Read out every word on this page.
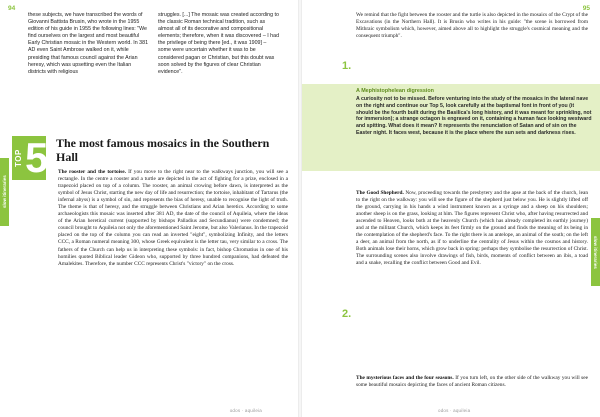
94
these subjects, we have transcribed the words of Giovanni Battista Brusin, who wrote in the 1955 edition of his guide in 1955 the following lines: "We find ourselves on the largest and most beautiful Early Christian mosaic in the Western world. In 381 AD even Saint Ambrose walked on it, while presiding that famous council against the Arian heresy, which was upsetting even the Italian districts with religious
struggles. [...] The mosaic was created according to the classic Roman technical tradition, such as almost all of its decorative and compositional elements; therefore, when it was discovered – I had the privilege of being there [ed., it was 1909] – some were uncertain whether it was to be considered pagan or Christian, but this doubt was soon solved by the figures of clear Christian evidence".
slow itineraries
TOP 5 The most famous mosaics in the Southern Hall
The rooster and the tortoise. If you move to the right near to the walkways junction, you will see a rectangle. In the centre a rooster and a turtle are depicted in the act of fighting for a prize, enclosed in a trapezoid placed on top of a column. The rooster, an animal crowing before dawn, is interpreted as the symbol of Jesus Christ, starting the new day of life and resurrection; the tortoise, inhabitant of Tartarus (the infernal abyss) is a symbol of sin, and represents the bias of heresy, unable to recognise the light of truth. The theme is that of heresy, and the struggle between Christians and Arian heretics. According to some archaeologists this mosaic was inserted after 381 AD, the date of the council of Aquileia, where the ideas of the Arian heretical current (supported by bishops Palladius and Secundianus) were condemned; the council brought to Aquileia not only the aforementioned Saint Jerome, but also Valerianus. In the trapezoid placed on the top of the column you can read an inverted "eight", symbolizing Infinity, and the letters CCC, a Roman numeral meaning 300, whose Greek equivalent is the letter tau, very similar to a cross. The fathers of the Church can help us in interpreting these symbols: in fact, bishop Chromatius in one of his homilies quoted Biblical leader Gideon who, supported by three hundred companions, had defeated the Amalekites. Therefore, the number CCC represents Christ's "victory" on the cross.
odos · aquileia
95
We remind that the fight between the rooster and the turtle is also depicted in the mosaics of the Crypt of the Excavations (in the Northern Hall). It is Brusin who writes in his guide: "the scene is borrowed from Mithraic symbolism which, however, aimed above all to highlight the struggle's cosmical meaning and the consequent triumph".
1.
A Mephistophelean digression
A curiosity not to be missed. Before venturing into the study of the mosaics in the lateral nave on the right and continue our Top 5, look carefully at the baptismal font in front of you (it should be the fourth built during the Basilica's long history, and it was meant for sprinkling, not for immersion); a strange octagon is engraved on it, containing a human face looking westward and spitting. What does it mean? It represents the renunciation of Satan and of sin on the Easter night. It faces west, because it is the place where the sun sets and darkness rises.
slow itineraries
The Good Shepherd. Now, proceeding towards the presbytery and the apse at the back of the church, lean to the right on the walkway: you will see the figure of the shepherd just below you. He is slightly lifted off the ground, carrying in his hands a wind instrument known as a syringe and a sheep on his shoulders; another sheep is on the grass, looking at him. The figures represent Christ who, after having resurrected and ascended to Heaven, looks both at the heavenly Church (which has already completed its earthly journey) and at the militant Church, which keeps its feet firmly on the ground and finds the meaning of its being in the contemplation of the shepherd's face. To the right there is an antelope, an animal of the south; on the left a deer, an animal from the north, as if to underline the centrality of Jesus within the cosmos and history. Both animals lose their horns, which grow back in spring: perhaps they symbolise the resurrection of Christ. The surrounding scenes also involve drawings of fish, birds, moments of conflict between an ibis, a toad and a snake, recalling the conflict between Good and Evil.
2.
The mysterious faces and the four seasons. If you turn left, on the other side of the walkway you will see some beautiful mosaics depicting the faces of ancient Roman citizens.
odos · aquileia
